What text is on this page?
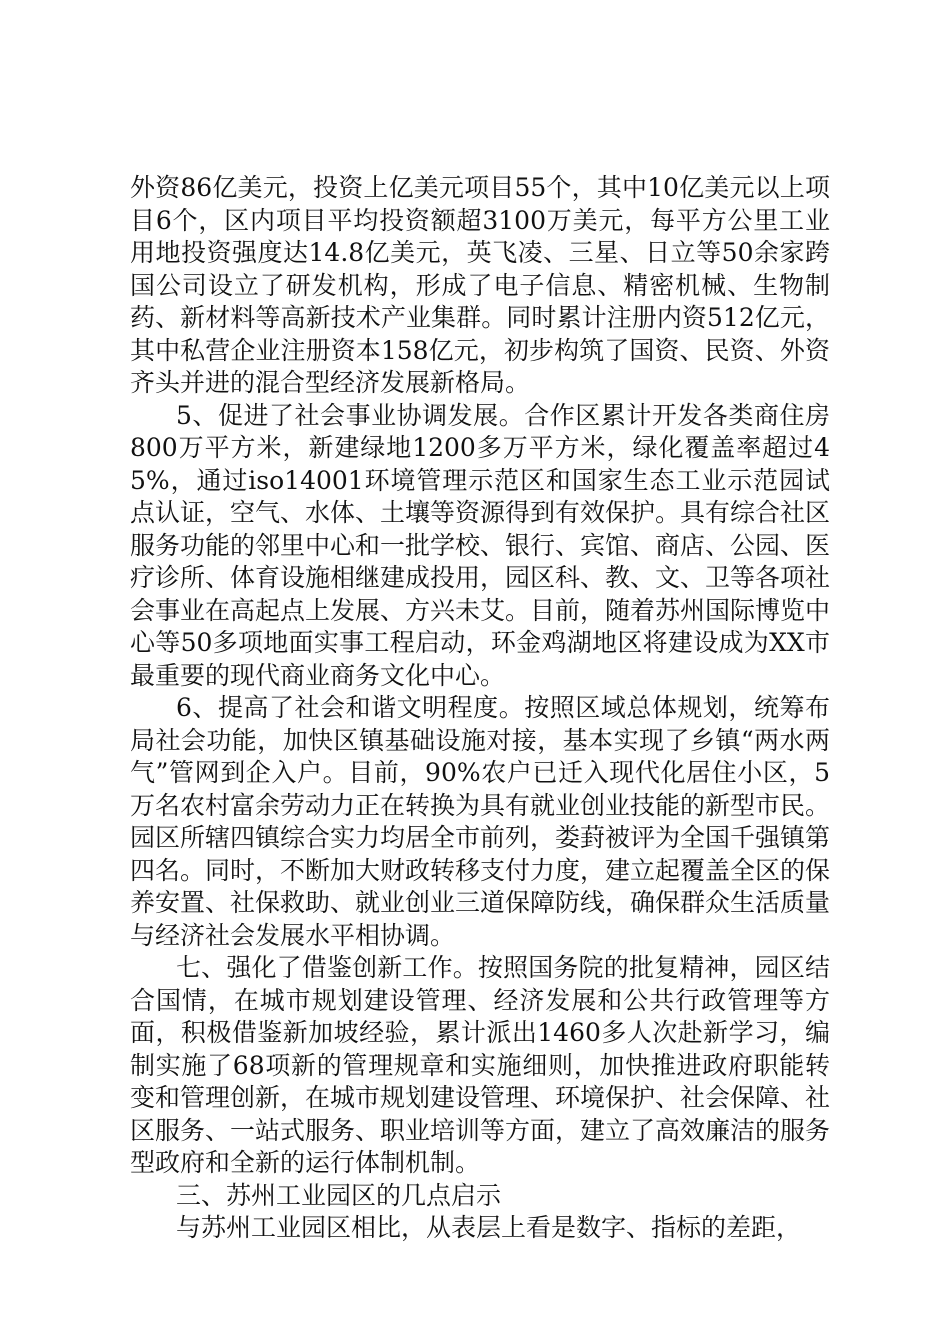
外资86亿美元，投资上亿美元项目55个，其中10亿美元以上项目6个，区内项目平均投资额超3100万美元，每平方公里工业用地投资强度达14.8亿美元，英飞凌、三星、日立等50余家跨国公司设立了研发机构，形成了电子信息、精密机械、生物制药、新材料等高新技术产业集群。同时累计注册内资512亿元，其中私营企业注册资本158亿元，初步构筑了国资、民资、外资齐头并进的混合型经济发展新格局。

5、促进了社会事业协调发展。合作区累计开发各类商住房800万平方米，新建绿地1200多万平方米，绿化覆盖率超过45%，通过iso14001环境管理示范区和国家生态工业示范园试点认证，空气、水体、土壤等资源得到有效保护。具有综合社区服务功能的邻里中心和一批学校、银行、宾馆、商店、公园、医疗诊所、体育设施相继建成投用，园区科、教、文、卫等各项社会事业在高起点上发展、方兴未艾。目前，随着苏州国际博览中心等50多项地面实事工程启动，环金鸡湖地区将建设成为XX市最重要的现代商业商务文化中心。

6、提高了社会和谐文明程度。按照区域总体规划，统筹布局社会功能，加快区镇基础设施对接，基本实现了乡镇“两水两气”管网到企入户。目前，90%农户已迁入现代化居住小区，5万名农村富余劳动力正在转换为具有就业创业技能的新型市民。园区所辖四镇综合实力均居全市前列，娄葑被评为全国千强镇第四名。同时，不断加大财政转移支付力度，建立起覆盖全区的保养安置、社保救助、就业创业三道保障防线，确保群众生活质量与经济社会发展水平相协调。

七、强化了借鉴创新工作。按照国务院的批复精神，园区结合国情，在城市规划建设管理、经济发展和公共行政管理等方面，积极借鉴新加坡经验，累计派出1460多人次赴新学习，编制实施了68项新的管理规章和实施细则，加快推进政府职能转变和管理创新，在城市规划建设管理、环境保护、社会保障、社区服务、一站式服务、职业培训等方面，建立了高效廉洁的服务型政府和全新的运行体制机制。

三、苏州工业园区的几点启示

与苏州工业园区相比，从表层上看是数字、指标的差距，
